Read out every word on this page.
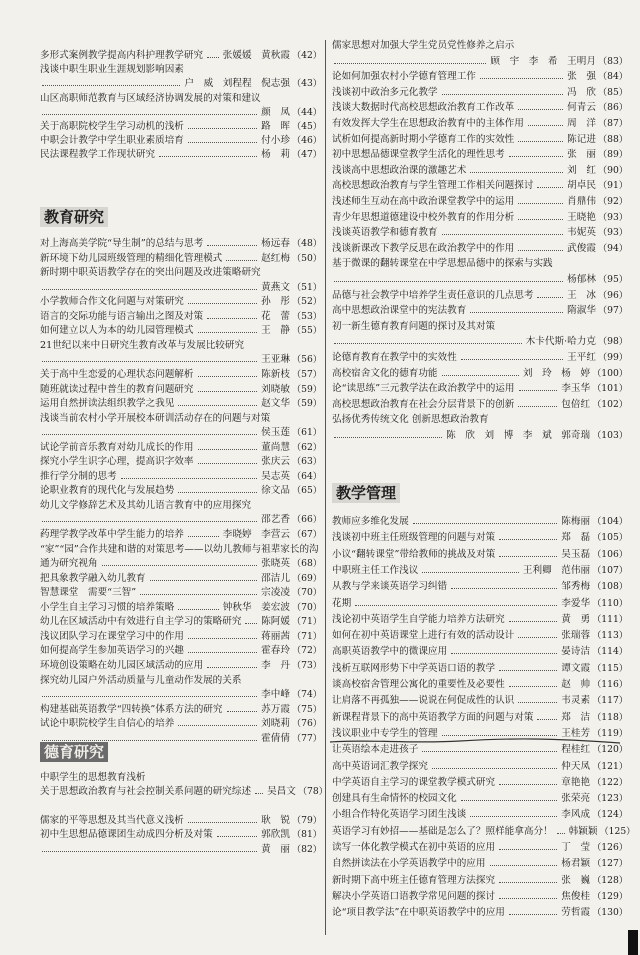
多形式案例教学提高内科护理教学研究 张媛媛　黄秋霞 （42）
浅谈中职生职业生涯规划影响因素
户　威　刘程程　倪志强 （43）
山区高职师范教育与区域经济协调发展的对策和建议
颜　凤 （44）
关于高职院校学生学习动机的浅析	路　晖 （45）
中职会计教学中学生职业素质培育	付小珍 （46）
民法课程教学工作现状研究	杨　莉 （47）
教育研究
对上海高美学院“导生制”的总结与思考	杨远春 （48）
新环境下幼儿园班级管理的精细化管理模式	赵红梅 （50）
新时期中职英语教学存在的突出问题及改进策略研究
黄燕文 （51）
小学教师合作文化问题与对策研究	孙　彤 （52）
语言的交际功能与语言输出之图及对策	花　蕾 （53）
如何建立以人为本的幼儿园管理模式	王　静 （55）
21世纪以来中日研究生教育改革与发展比较研究
王亚琳 （56）
关于高中生恋爱的心理状态问题解析	陈新枝 （57）
随班就读过程中普生的教育问题研究	刘晓敏 （59）
运用自然拼读法组织教学之我见	赵文华 （59）
浅谈当前农村小学开展校本研训活动存在的问题与对策
侯玉莲 （61）
试论学前音乐教育对幼儿成长的作用	董尚慧 （62）
探究小学生识字心理，提高识字效率	张庆云 （63）
推行学分制的思考	吴志英 （64）
论职业教育的现代化与发展趋势	徐文品 （65）
幼儿文学修辞艺术及其幼儿语言教育中的应用探究
邵艺香 （66）
药理学教学改革中学生能力的培养	李晓婷　李营云 （67）
“家”“园”合作共建和谐的对策思考——以幼儿教师与祖辈家长的沟
通为研究视角	张晓英 （68）
把具象教学融入幼儿教育	邵洁儿 （69）
智慧课堂　需要“三智”	宗凌凌 （70）
小学生自主学习习惯的培养策略	钟秋华　姜宏波 （70）
幼儿在区域活动中有效进行自主学习的策略研究 陈阿媛 （71）
浅议团队学习在课堂学习中的作用	蒋丽茜 （71）
如何提高学生参加英语学习的兴趣	霍春玲 （72）
环境创设策略在幼儿园区域活动的应用	李　丹 （73）
探究幼儿园户外活动质量与儿童动作发展的关系
李中峰 （74）
构建基础英语教学“四转换”体系方法的研究	苏万霞 （75）
试论中职院校学生自信心的培养	刘晓莉 （76）
霍倩倩 （77）
德育研究
中职学生的思想教育浅析
关于思想政治教育与社会控制关系问题的研究综述 吴昌文 （78）
儒家的平等思想及其当代意义浅析	耿　锐 （79）
初中生思想品德课团生动成四分析及对策	郭欣凯 （81）
黄　丽 （82）
儒家思想对加强大学生党员党性修养之启示
顾　宇　李　希　王明月 （83）
论如何加强农村小学德育管理工作	张　强 （84）
浅谈初中政治多元化教学	冯　欣 （85）
浅谈大数据时代高校思想政治教育工作改革	何青云 （86）
有效发挥大学生在思想政治教育中的主体作用	周　洋 （87）
试析如何提高新时期小学德育工作的实效性	陈记进 （88）
初中思想品德课堂教学生活化的理性思考	张　丽 （89）
浅谈高中思想政治课的激趣艺术	刘　红 （90）
高校思想政治教育与学生管理工作相关问题探讨	胡卓民 （91）
浅述师生互动在高中政治课堂教学中的运用	肖鼎伟 （92）
青少年思想道德建设中校外教育的作用分析	王晓艳 （93）
浅谈英语教学和德育教育	韦妮英 （93）
浅谈新课改下教学反思在政治教学中的作用	武俊霞 （94）
基于微课的翻转课堂在中学思想品德中的探索与实践
杨郁林 （95）
品德与社会教学中培养学生责任意识的几点思考	王　冰 （96）
高中思想政治课堂中的宪法教育	隋淑华 （97）
初一新生德育教育问题的探讨及其对策
木卡代斯·哈力克 （98）
论德育教育在教学中的实效性	王平红 （99）
高校宿舍文化的德育功能	刘　玲　杨　婷 （100）
论“读思练”三元教学法在政治教学中的运用	李玉华 （101）
高校思想政治教育在社会分层背景下的创新	包倍红 （102）
弘扬优秀传统文化 创新思想政治教育
陈　欣　刘　博　李　斌　郭奇瑞 （103）
教学管理
教师应多维化发展	陈梅丽 （104）
浅谈初中班主任班级管理的问题与对策	郑　磊 （105）
小议“翻转课堂”带给教师的挑战及对策	吴玉磊 （106）
中职班主任工作浅议	王利卿　范伟丽 （107）
从教与学来谈英语学习纠错	邹秀梅 （108）
花期	李爱华 （110）
浅论初中英语学生自学能力培养方法研究	黄　勇 （111）
如何在初中英语课堂上进行有效的活动设计	张瑞蓉 （113）
高职英语教学中的微课应用	晏诗洁 （114）
浅析互联网形势下中学英语口语的教学	谭文霞 （115）
谈高校宿舍管理公寓化的重要性及必要性	赵　帅 （116）
让肩落不再孤独——说说在何促成性的认识	韦灵素 （117）
新课程背景下的高中英语教学方面的问题与对策	郑　洁 （118）
浅议职业中专学生的管理	王桂芳 （119）
让英语绘本走进孩子	程桂红 （120）
高中英语词汇教学探究	仲天凤 （121）
中学英语自主学习的课堂教学模式研究	章艳艳 （122）
创建具有生命情怀的校园文化	张荣亮 （123）
小组合作特化英语学习团生浅谈	李风成 （124）
英语学习有妙招——基础是怎么了？照样能拿高分！ 韩颖颖 （125）
读写一体化教学模式在初中英语的应用	丁　莹 （126）
自然拼读法在小学英语教学中的应用	杨君颖 （127）
新时期下高中班主任德育管理方法探究	张　巍 （128）
解决小学英语口语教学常见问题的探讨	焦俊桂 （129）
论“项目教学法”在中职英语教学中的应用	劳哲霞 （130）
